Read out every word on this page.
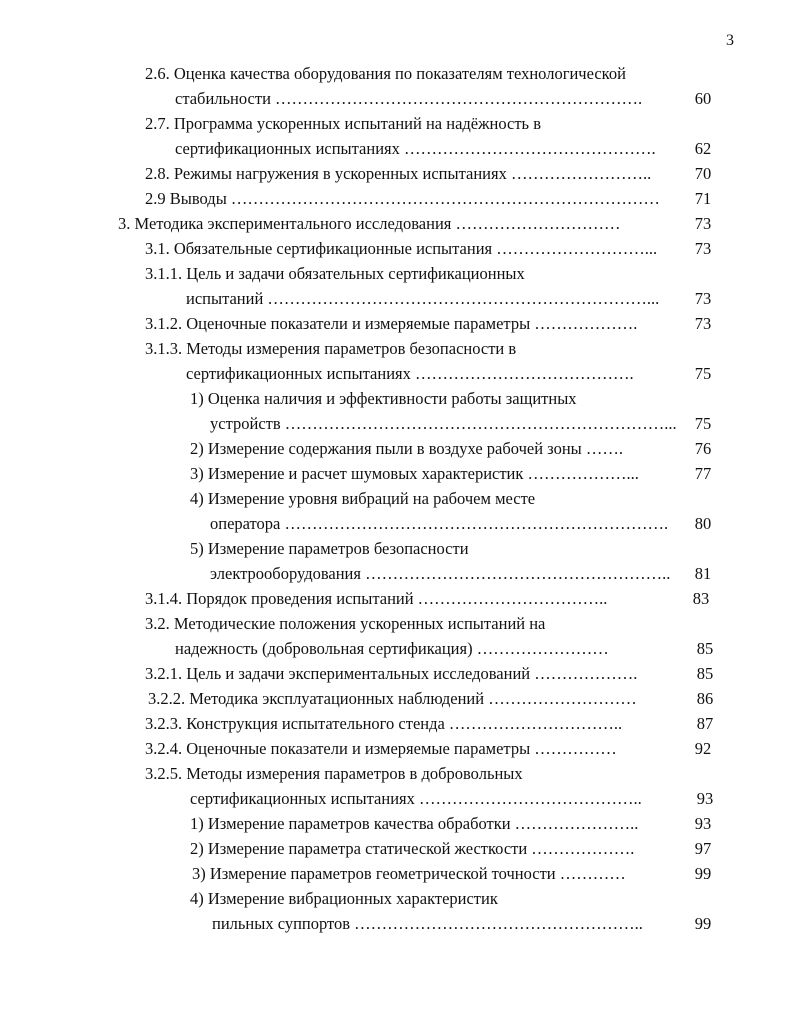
3
2.6. Оценка качества оборудования по показателям технологической
стабильности ………………………………………………………….	60
2.7. Программа ускоренных испытаний на надёжность в
сертификационных испытаниях ……………………………………….	62
2.8. Режимы нагружения в ускоренных испытаниях ……………………..	70
2.9 Выводы ……………………………………………………………………	71
3. Методика экспериментального исследования …………………………	73
3.1. Обязательные сертификационные испытания ………………………...	73
3.1.1. Цель и задачи обязательных сертификационных
испытаний ……………………………………………………………...	73
3.1.2. Оценочные показатели и измеряемые параметры ……………….	73
3.1.3. Методы измерения параметров безопасности в
сертификационных испытаниях ………………………………….	75
1) Оценка наличия и эффективности работы защитных
устройств ……………………………………………………………...	75
2) Измерение содержания пыли в воздухе рабочей зоны …….	76
3) Измерение и расчет шумовых характеристик ………………...	77
4) Измерение уровня вибраций на рабочем месте
оператора …………………………………………………………….	80
5) Измерение параметров безопасности
электрооборудования ………………………………………………..	81
3.1.4. Порядок проведения испытаний ……………………………..	83
3.2. Методические положения ускоренных испытаний на
надежность (добровольная сертификация) ……………………	85
3.2.1. Цель и задачи экспериментальных исследований ……………….	85
3.2.2. Методика эксплуатационных наблюдений ………………………	86
3.2.3. Конструкция испытательного стенда …………………………..	87
3.2.4. Оценочные показатели и измеряемые параметры ……………	92
3.2.5. Методы измерения параметров в добровольных
сертификационных испытаниях …………………………………..	93
1) Измерение параметров качества обработки …………………..	93
2) Измерение параметра статической жесткости ……………….	97
3) Измерение параметров геометрической точности …………	99
4) Измерение вибрационных характеристик
пильных суппортов ……………………………………………..	99
